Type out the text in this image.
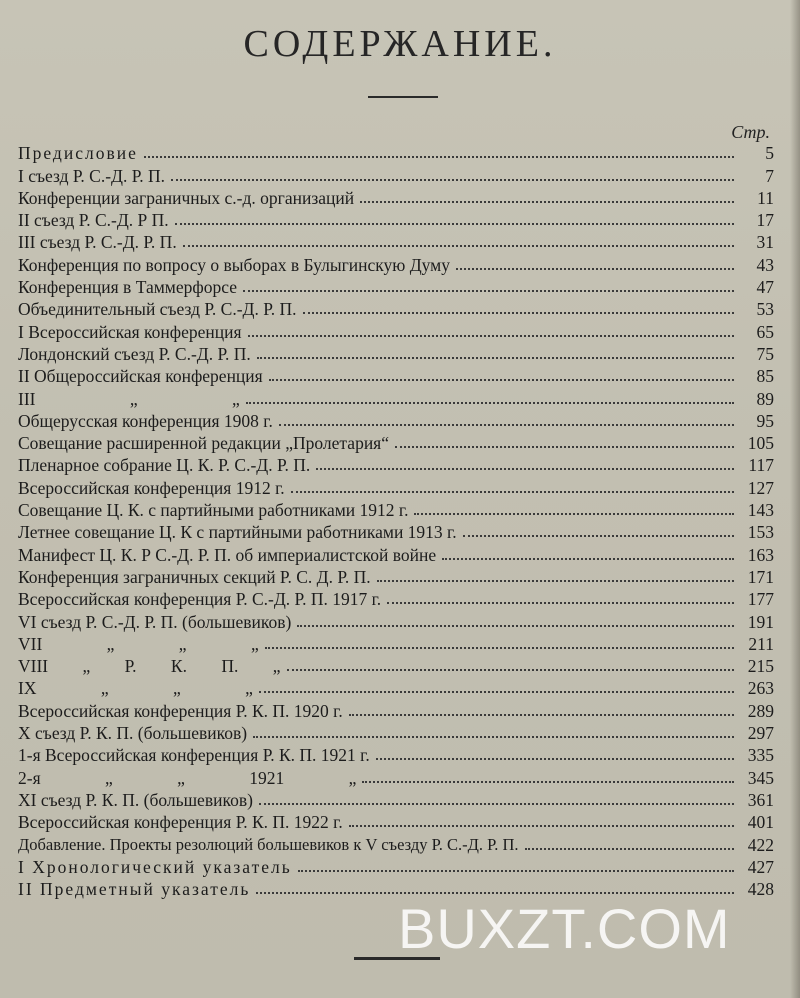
СОДЕРЖАНИЕ.
Стр.
Предисловие	5
I съезд Р. С.-Д. Р. П.	7
Конференции заграничных с.-д. организаций	11
II съезд Р. С.-Д. Р П.	17
III съезд Р. С.-Д. Р. П.	31
Конференция по вопросу о выборах в Булыгинскую Думу	43
Конференция в Таммерфорсе	47
Объединительный съезд Р. С.-Д. Р. П.	53
I Всероссийская конференция	65
Лондонский съезд Р. С.-Д. Р. П.	75
II Общероссийская конференция	85
III „ „	89
Общерусская конференция 1908 г.	95
Совещание расширенной редакции „Пролетария“	105
Пленарное собрание Ц. К. Р. С.-Д. Р. П.	117
Всероссийская конференция 1912 г.	127
Совещание Ц. К. с партийными работниками 1912 г.	143
Летнее совещание Ц. К с партийными работниками 1913 г.	153
Манифест Ц. К. Р С.-Д. Р. П. об империалистской войне	163
Конференция заграничных секций Р. С. Д. Р. П.	171
Всероссийская конференция Р. С.-Д. Р. П. 1917 г.	177
VI съезд Р. С.-Д. Р. П. (большевиков)	191
VII „ „ „	211
VIII „ Р. К. П. „	215
IX „ „ „	263
Всероссийская конференция Р. К. П. 1920 г.	289
X съезд Р. К. П. (большевиков)	297
1-я Всероссийская конференция Р. К. П. 1921 г.	335
2-я „ „ 1921 „	345
XI съезд Р. К. П. (большевиков)	361
Всероссийская конференция Р. К. П. 1922 г.	401
Добавление. Проекты резолюций большевиков к V съезду Р. С.-Д. Р. П.	422
I Хронологический указатель	427
II Предметный указатель	428
BUXZT.COM
